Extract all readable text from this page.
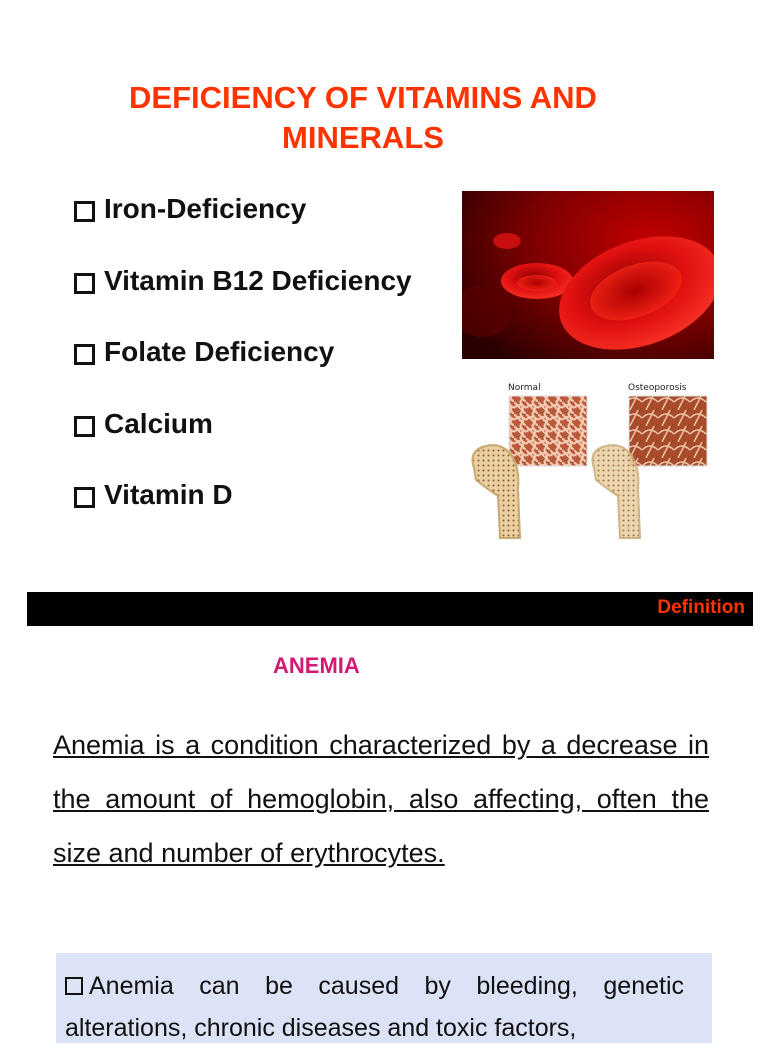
DEFICIENCY OF VITAMINS AND MINERALS
Iron-Deficiency
Vitamin B12 Deficiency
Folate Deficiency
Calcium
Vitamin D
Normal	Osteoporosis
Definition
ANEMIA

Anemia is a condition characterized by a decrease in the amount of hemoglobin, also affecting, often the size and number of erythrocytes.

Anemia can be caused by bleeding, genetic alterations, chronic diseases and toxic factors,
